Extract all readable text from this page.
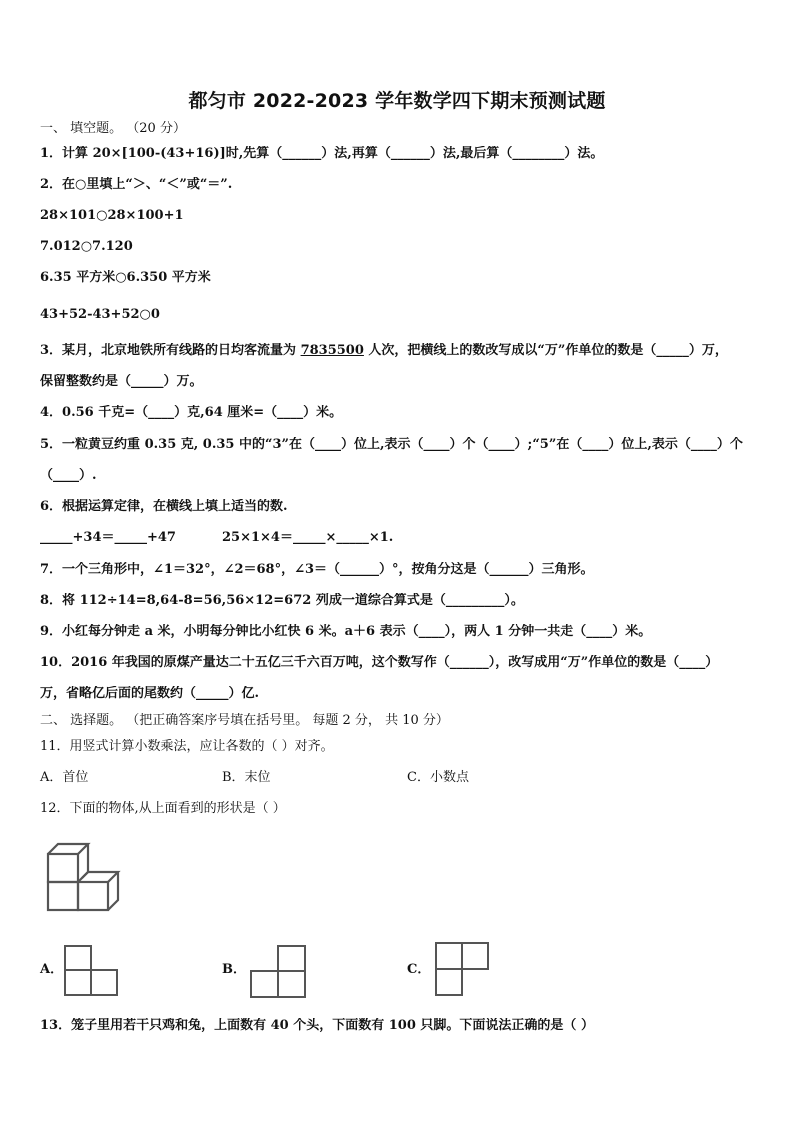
都匀市 2022-2023 学年数学四下期末预测试题
一、 填空题。 （20 分）
1．计算 20×[100-(43+16)]时,先算（______）法,再算（______）法,最后算（________）法。
2．在○里填上“＞、“＜”或“＝”.
28×101○28×100+1
7.012○7.120
6.35 平方米○6.350 平方米
43+52-43+52○0
3．某月，北京地铁所有线路的日均客流量为 7835500 人次，把横线上的数改写成以“万”作单位的数是（_____）万，
保留整数约是（_____）万。
4．0.56 千克=（____）克,64 厘米=（____）米。
5．一粒黄豆约重 0.35 克, 0.35 中的“3”在（____）位上,表示（____）个（____）;“5”在（____）位上,表示（____）个
（____）.
6．根据运算定律，在横线上填上适当的数.
_____+34＝_____+47	25×1×4＝_____×_____×1.
7．一个三角形中，∠1＝32°，∠2＝68°，∠3＝（______）°，按角分这是（______）三角形。
8．将 112÷14=8,64-8=56,56×12=672 列成一道综合算式是（_________）。
9．小红每分钟走 a 米，小明每分钟比小红快 6 米。a＋6 表示（____），两人 1 分钟一共走（____）米。
10．2016 年我国的原煤产量达二十五亿三千六百万吨，这个数写作（______），改写成用“万”作单位的数是（____）
万，省略亿后面的尾数约（_____）亿.
二、 选择题。 （把正确答案序号填在括号里。 每题 2 分， 共 10 分）
11．用竖式计算小数乘法，应让各数的（ ）对齐。
A．首位	B．末位	C．小数点
12．下面的物体,从上面看到的形状是（ ）
A．	B．	C．
13．笼子里用若干只鸡和兔，上面数有 40 个头，下面数有 100 只脚。下面说法正确的是（ ）
